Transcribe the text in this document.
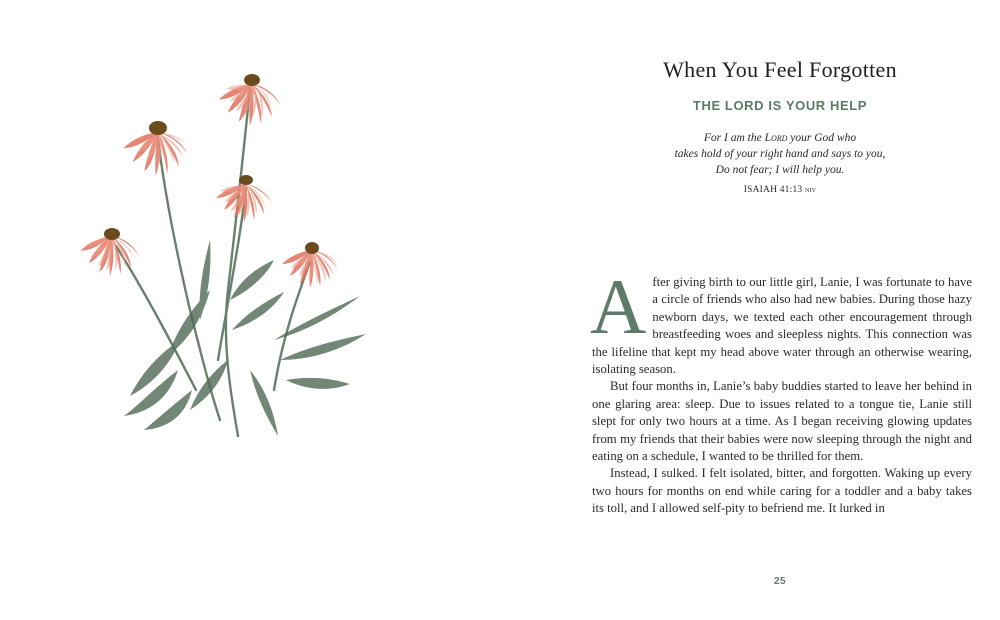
When You Feel Forgotten
THE LORD IS YOUR HELP
For I am the Lord your God who
takes hold of your right hand and says to you,
Do not fear; I will help you.
ISAIAH 41:13 niv

After giving birth to our little girl, Lanie, I was fortunate to have a circle of friends who also had new babies. During those hazy newborn days, we texted each other encouragement through breastfeeding woes and sleepless nights. This connection was the lifeline that kept my head above water through an otherwise wearing, isolating season.

But four months in, Lanie’s baby buddies started to leave her behind in one glaring area: sleep. Due to issues related to a tongue tie, Lanie still slept for only two hours at a time. As I began receiving glowing updates from my friends that their babies were now sleeping through the night and eating on a schedule, I wanted to be thrilled for them.

Instead, I sulked. I felt isolated, bitter, and forgotten. Waking up every two hours for months on end while caring for a toddler and a baby takes its toll, and I allowed self-pity to befriend me. It lurked in

25
